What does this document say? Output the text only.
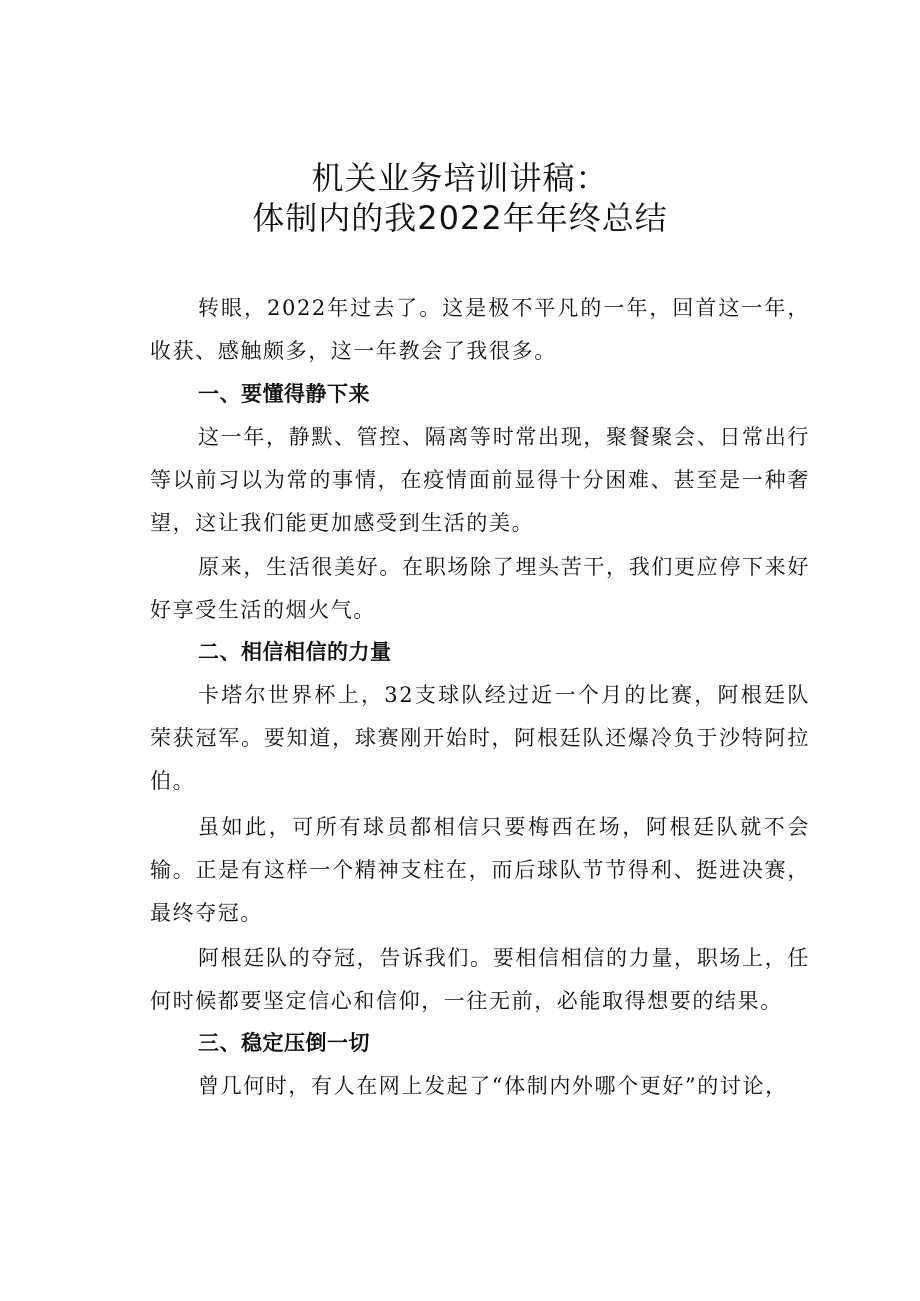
机关业务培训讲稿：
体制内的我2022年年终总结

转眼，2022年过去了。这是极不平凡的一年，回首这一年，收获、感触颇多，这一年教会了我很多。

一、要懂得静下来

这一年，静默、管控、隔离等时常出现，聚餐聚会、日常出行等以前习以为常的事情，在疫情面前显得十分困难、甚至是一种奢望，这让我们能更加感受到生活的美。

原来，生活很美好。在职场除了埋头苦干，我们更应停下来好好享受生活的烟火气。

二、相信相信的力量

卡塔尔世界杯上，32支球队经过近一个月的比赛，阿根廷队荣获冠军。要知道，球赛刚开始时，阿根廷队还爆冷负于沙特阿拉伯。

虽如此，可所有球员都相信只要梅西在场，阿根廷队就不会输。正是有这样一个精神支柱在，而后球队节节得利、挺进决赛，最终夺冠。

阿根廷队的夺冠，告诉我们。要相信相信的力量，职场上，任何时候都要坚定信心和信仰，一往无前，必能取得想要的结果。

三、稳定压倒一切

曾几何时，有人在网上发起了“体制内外哪个更好”的讨论，
